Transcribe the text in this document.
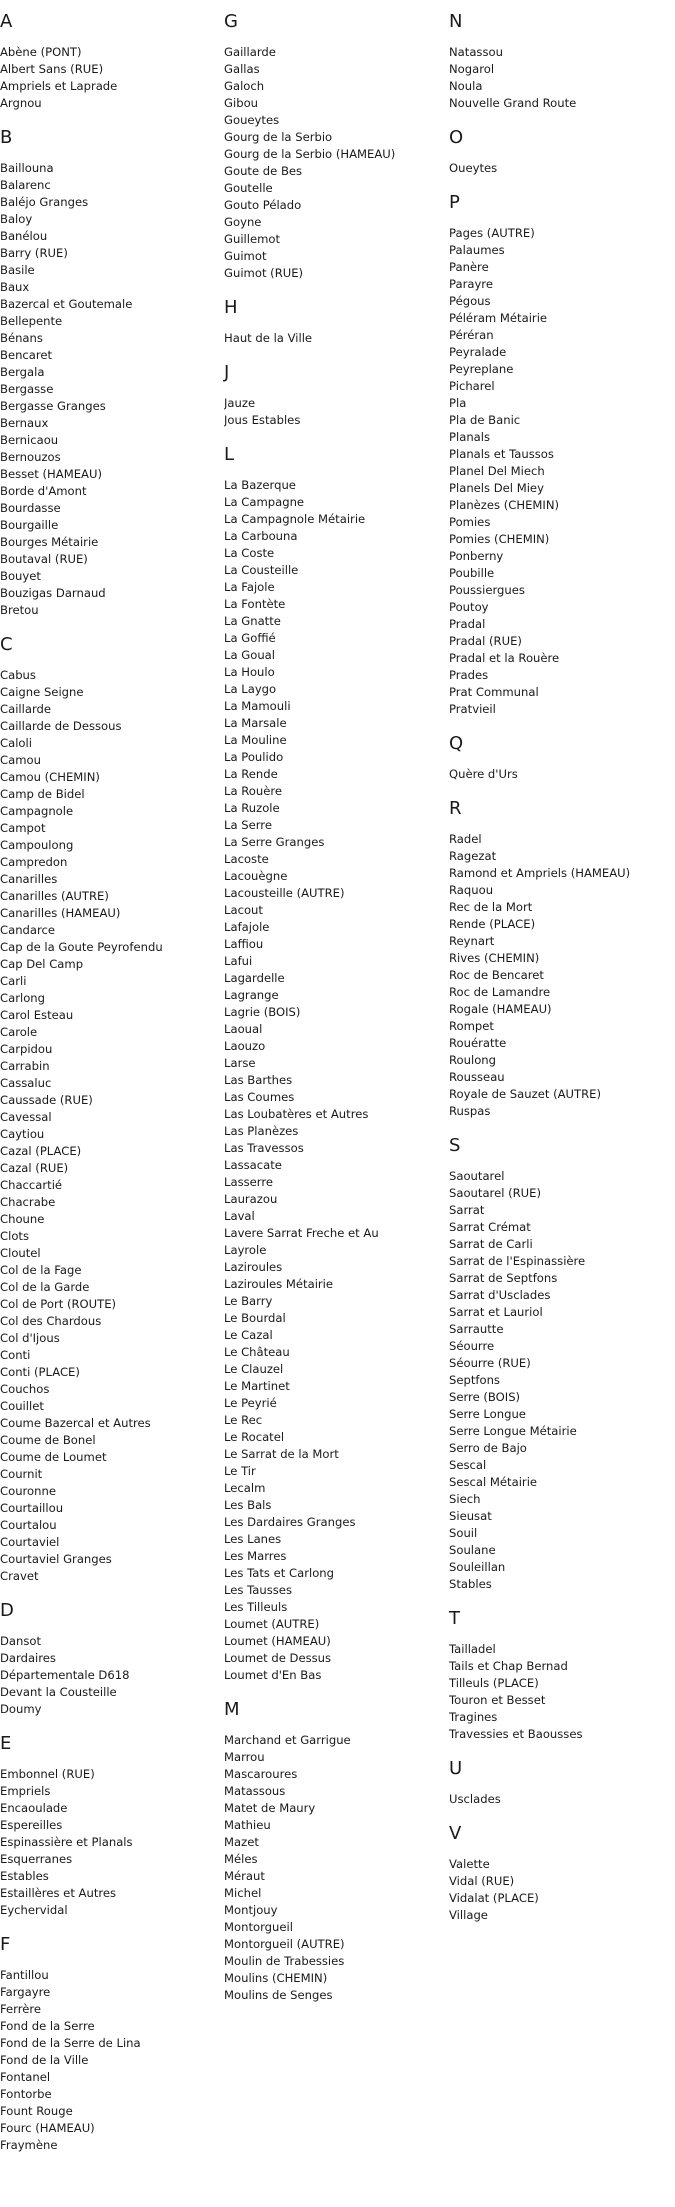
A
Abène (PONT)
Albert Sans (RUE)
Ampriels et Laprade
Argnou
B
Baillouna
Balarenc
Baléjo Granges
Baloy
Banélou
Barry (RUE)
Basile
Baux
Bazercal et Goutemale
Bellepente
Bénans
Bencaret
Bergala
Bergasse
Bergasse Granges
Bernaux
Bernicaou
Bernouzos
Besset (HAMEAU)
Borde d'Amont
Bourdasse
Bourgaille
Bourges Métairie
Boutaval (RUE)
Bouyet
Bouzigas Darnaud
Bretou
C
Cabus
Caigne Seigne
Caillarde
Caillarde de Dessous
Caloli
Camou
Camou (CHEMIN)
Camp de Bidel
Campagnole
Campot
Campoulong
Campredon
Canarilles
Canarilles (AUTRE)
Canarilles (HAMEAU)
Candarce
Cap de la Goute Peyrofendu
Cap Del Camp
Carli
Carlong
Carol Esteau
Carole
Carpidou
Carrabin
Cassaluc
Caussade (RUE)
Cavessal
Caytiou
Cazal (PLACE)
Cazal (RUE)
Chaccartié
Chacrabe
Choune
Clots
Cloutel
Col de la Fage
Col de la Garde
Col de Port (ROUTE)
Col des Chardous
Col d'Ijous
Conti
Conti (PLACE)
Couchos
Couillet
Coume Bazercal et Autres
Coume de Bonel
Coume de Loumet
Cournit
Couronne
Courtaillou
Courtalou
Courtaviel
Courtaviel Granges
Cravet
D
Dansot
Dardaires
Départementale D618
Devant la Cousteille
Doumy
E
Embonnel (RUE)
Empriels
Encaoulade
Espereilles
Espinassière et Planals
Esquerranes
Estables
Estaillères et Autres
Eychervidal
F
Fantillou
Fargayre
Ferrère
Fond de la Serre
Fond de la Serre de Lina
Fond de la Ville
Fontanel
Fontorbe
Fount Rouge
Fourc (HAMEAU)
Fraymène
G
Gaillarde
Gallas
Galoch
Gibou
Goueytes
Gourg de la Serbio
Gourg de la Serbio (HAMEAU)
Goute de Bes
Goutelle
Gouto Pélado
Goyne
Guillemot
Guimot
Guimot (RUE)
H
Haut de la Ville
J
Jauze
Jous Estables
L
La Bazerque
La Campagne
La Campagnole Métairie
La Carbouna
La Coste
La Cousteille
La Fajole
La Fontète
La Gnatte
La Goffié
La Goual
La Houlo
La Laygo
La Mamouli
La Marsale
La Mouline
La Poulido
La Rende
La Rouère
La Ruzole
La Serre
La Serre Granges
Lacoste
Lacouègne
Lacousteille (AUTRE)
Lacout
Lafajole
Laffiou
Lafui
Lagardelle
Lagrange
Lagrie (BOIS)
Laoual
Laouzo
Larse
Las Barthes
Las Coumes
Las Loubatères et Autres
Las Planèzes
Las Travessos
Lassacate
Lasserre
Laurazou
Laval
Lavere Sarrat Freche et Au
Layrole
Laziroules
Laziroules Métairie
Le Barry
Le Bourdal
Le Cazal
Le Château
Le Clauzel
Le Martinet
Le Peyrié
Le Rec
Le Rocatel
Le Sarrat de la Mort
Le Tir
Lecalm
Les Bals
Les Dardaires Granges
Les Lanes
Les Marres
Les Tats et Carlong
Les Tausses
Les Tilleuls
Loumet (AUTRE)
Loumet (HAMEAU)
Loumet de Dessus
Loumet d'En Bas
M
Marchand et Garrigue
Marrou
Mascaroures
Matassous
Matet de Maury
Mathieu
Mazet
Méles
Méraut
Michel
Montjouy
Montorgueil
Montorgueil (AUTRE)
Moulin de Trabessies
Moulins (CHEMIN)
Moulins de Senges
N
Natassou
Nogarol
Noula
Nouvelle Grand Route
O
Oueytes
P
Pages (AUTRE)
Palaumes
Panère
Parayre
Pégous
Péléram Métairie
Péréran
Peyralade
Peyreplane
Picharel
Pla
Pla de Banic
Planals
Planals et Taussos
Planel Del Miech
Planels Del Miey
Planèzes (CHEMIN)
Pomies
Pomies (CHEMIN)
Ponberny
Poubille
Poussiergues
Poutoy
Pradal
Pradal (RUE)
Pradal et la Rouère
Prades
Prat Communal
Pratvieil
Q
Quère d'Urs
R
Radel
Ragezat
Ramond et Ampriels (HAMEAU)
Raquou
Rec de la Mort
Rende (PLACE)
Reynart
Rives (CHEMIN)
Roc de Bencaret
Roc de Lamandre
Rogale (HAMEAU)
Rompet
Rouératte
Roulong
Rousseau
Royale de Sauzet (AUTRE)
Ruspas
S
Saoutarel
Saoutarel (RUE)
Sarrat
Sarrat Crémat
Sarrat de Carli
Sarrat de l'Espinassière
Sarrat de Septfons
Sarrat d'Usclades
Sarrat et Lauriol
Sarrautte
Séourre
Séourre (RUE)
Septfons
Serre (BOIS)
Serre Longue
Serre Longue Métairie
Serro de Bajo
Sescal
Sescal Métairie
Siech
Sieusat
Souil
Soulane
Souleillan
Stables
T
Tailladel
Tails et Chap Bernad
Tilleuls (PLACE)
Touron et Besset
Tragines
Travessies et Baousses
U
Usclades
V
Valette
Vidal (RUE)
Vidalat (PLACE)
Village
